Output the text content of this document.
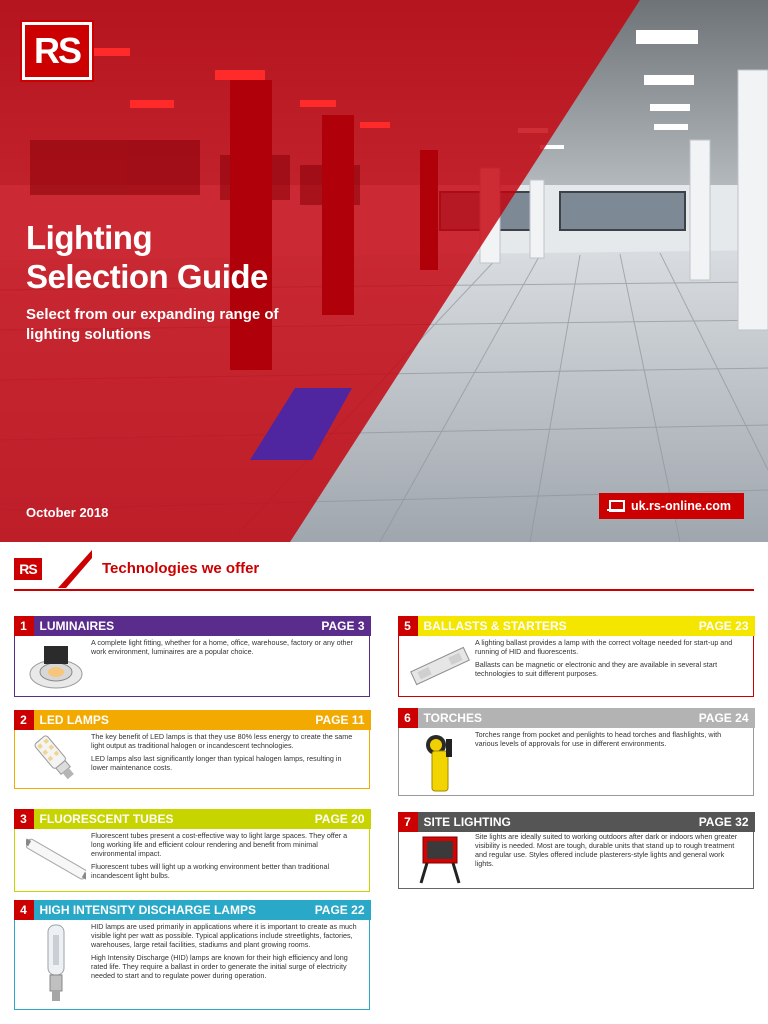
RS
Lighting
Selection Guide
Select from our expanding range of lighting solutions
October 2018	uk.rs-online.com
RS	Technologies we offer
1	LUMINAIRES	PAGE 3

A complete light fitting, whether for a home, office, warehouse, factory or any other work environment, luminaires are a popular choice.

2	LED LAMPS	PAGE 11

The key benefit of LED lamps is that they use 80% less energy to create the same light output as traditional halogen or incandescent technologies.

LED lamps also last significantly longer than typical halogen lamps, resulting in lower maintenance costs.

3	FLUORESCENT TUBES	PAGE 20

Fluorescent tubes present a cost-effective way to light large spaces. They offer a long working life and efficient colour rendering and benefit from minimal environmental impact.

Fluorescent tubes will light up a working environment better than traditional incandescent light bulbs.

4	HIGH INTENSITY DISCHARGE LAMPS	PAGE 22

HID lamps are used primarily in applications where it is important to create as much visible light per watt as possible. Typical applications include streetlights, factories, warehouses, large retail facilities, stadiums and plant growing rooms.

High Intensity Discharge (HID) lamps are known for their high efficiency and long rated life. They require a ballast in order to generate the initial surge of electricity needed to start and to regulate power during operation.

5	BALLASTS & STARTERS	PAGE 23

A lighting ballast provides a lamp with the correct voltage needed for start-up and running of HID and fluorescents.

Ballasts can be magnetic or electronic and they are available in several start technologies to suit different purposes.

6	TORCHES	PAGE 24

Torches range from pocket and penlights to head torches and flashlights, with various levels of approvals for use in different environments.

7	SITE LIGHTING	PAGE 32

Site lights are ideally suited to working outdoors after dark or indoors when greater visibility is needed. Most are tough, durable units that stand up to rough treatment and regular use. Styles offered include plasterers-style lights and general work lights.
